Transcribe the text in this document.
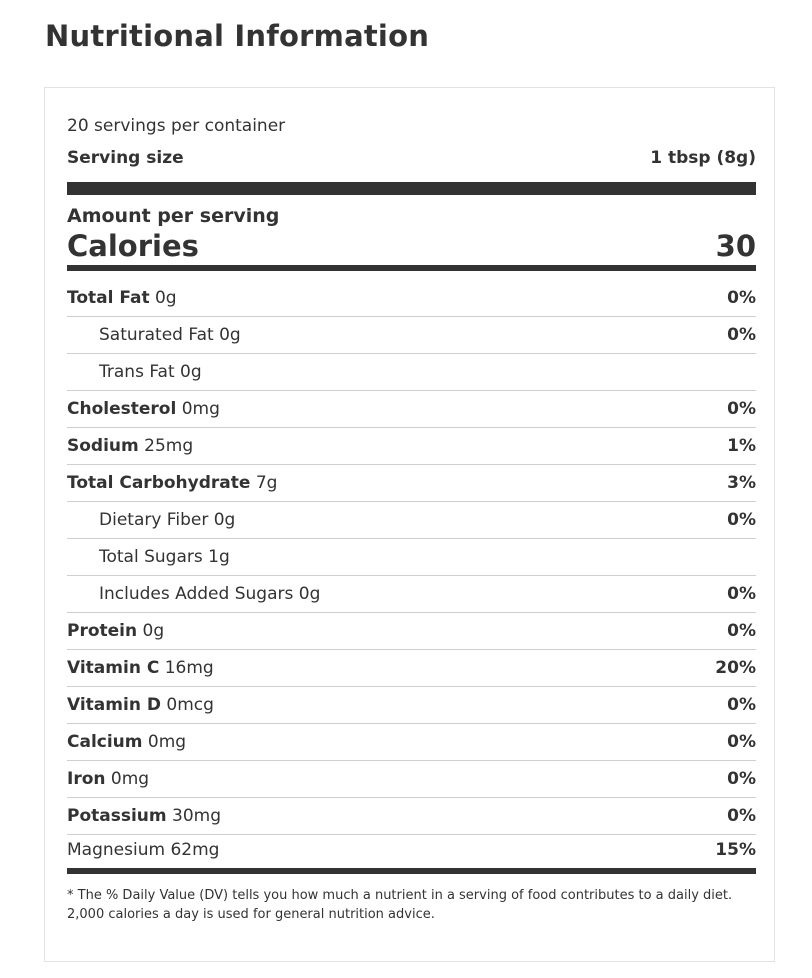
Nutritional Information
20 servings per container
Serving size	1 tbsp (8g)
Amount per serving
Calories	30
Total Fat 0g	0%
Saturated Fat 0g	0%
Trans Fat 0g
Cholesterol 0mg	0%
Sodium 25mg	1%
Total Carbohydrate 7g	3%
Dietary Fiber 0g	0%
Total Sugars 1g
Includes Added Sugars 0g	0%
Protein 0g	0%
Vitamin C 16mg	20%
Vitamin D 0mcg	0%
Calcium 0mg	0%
Iron 0mg	0%
Potassium 30mg	0%
Magnesium 62mg	15%

* The % Daily Value (DV) tells you how much a nutrient in a serving of food contributes to a daily diet. 2,000 calories a day is used for general nutrition advice.
